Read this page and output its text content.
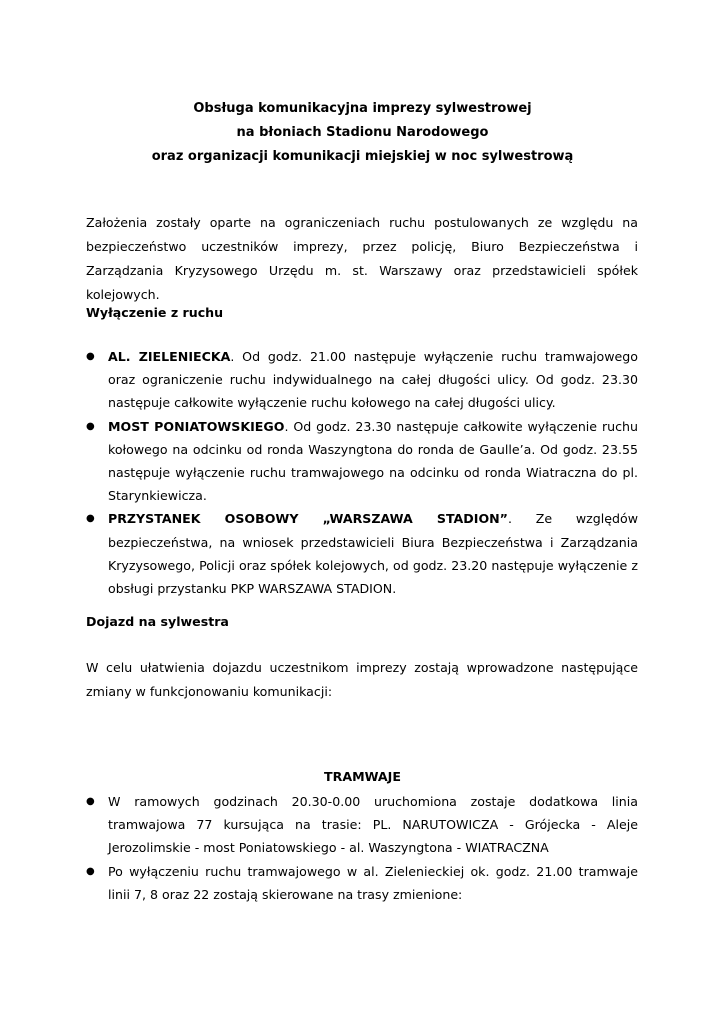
Obsługa komunikacyjna imprezy sylwestrowej
na błoniach Stadionu Narodowego
oraz organizacji komunikacji miejskiej w noc sylwestrową
Założenia zostały oparte na ograniczeniach ruchu postulowanych ze względu na bezpieczeństwo uczestników imprezy, przez policję, Biuro Bezpieczeństwa i Zarządzania Kryzysowego Urzędu m. st. Warszawy oraz przedstawicieli spółek kolejowych.
Wyłączenie z ruchu
● AL. ZIELENIECKA. Od godz. 21.00 następuje wyłączenie ruchu tramwajowego oraz ograniczenie ruchu indywidualnego na całej długości ulicy. Od godz. 23.30 następuje całkowite wyłączenie ruchu kołowego na całej długości ulicy.
● MOST PONIATOWSKIEGO. Od godz. 23.30 następuje całkowite wyłączenie ruchu kołowego na odcinku od ronda Waszyngtona do ronda de Gaulle’a. Od godz. 23.55 następuje wyłączenie ruchu tramwajowego na odcinku od ronda Wiatraczna do pl. Starynkiewicza.
● PRZYSTANEK OSOBOWY „WARSZAWA STADION”. Ze względów bezpieczeństwa, na wniosek przedstawicieli Biura Bezpieczeństwa i Zarządzania Kryzysowego, Policji oraz spółek kolejowych, od godz. 23.20 następuje wyłączenie z obsługi przystanku PKP WARSZAWA STADION.
Dojazd na sylwestra
W celu ułatwienia dojazdu uczestnikom imprezy zostają wprowadzone następujące zmiany w funkcjonowaniu komunikacji:
TRAMWAJE
● W ramowych godzinach 20.30-0.00 uruchomiona zostaje dodatkowa linia tramwajowa 77 kursująca na trasie: PL. NARUTOWICZA - Grójecka - Aleje Jerozolimskie - most Poniatowskiego - al. Waszyngtona - WIATRACZNA
● Po wyłączeniu ruchu tramwajowego w al. Zielenieckiej ok. godz. 21.00 tramwaje linii 7, 8 oraz 22 zostają skierowane na trasy zmienione:
